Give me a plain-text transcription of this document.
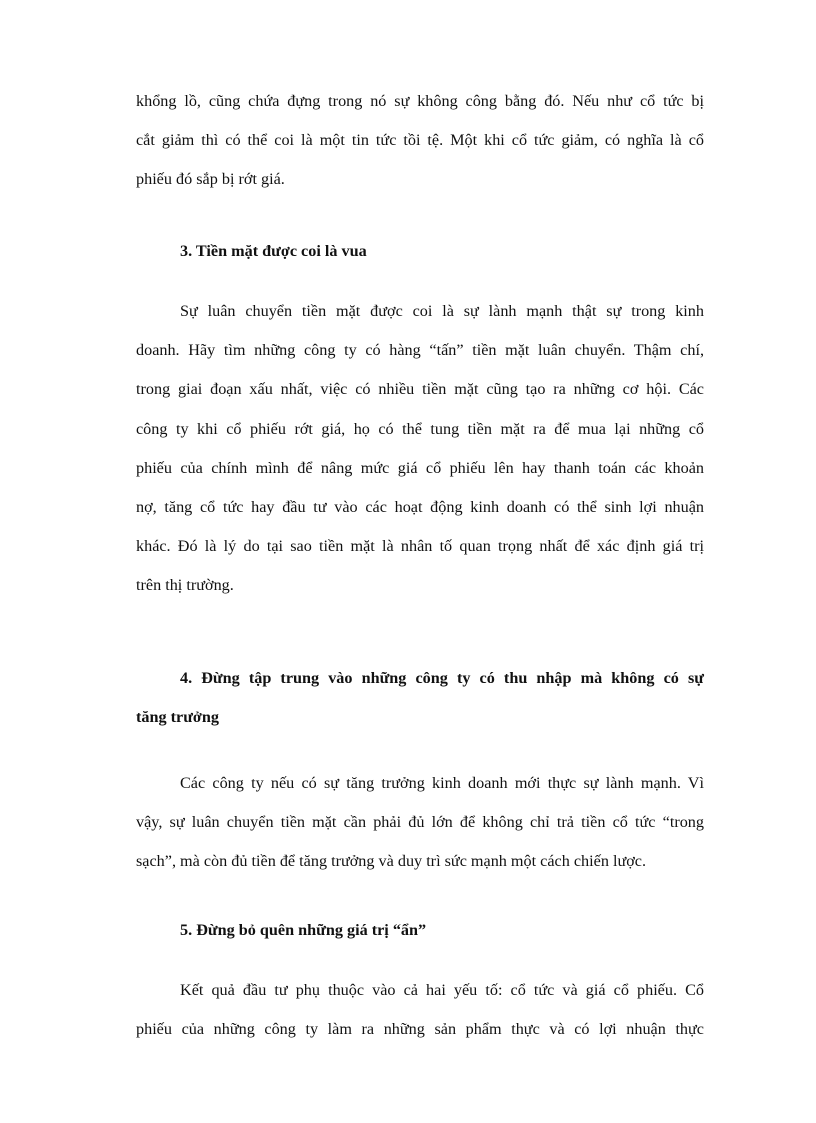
khổng lồ, cũng chứa đựng trong nó sự không công bằng đó. Nếu như cổ tức bị
cắt giảm thì có thể coi là một tin tức tồi tệ. Một khi cổ tức giảm, có nghĩa là cổ
phiếu đó sắp bị rớt giá.
3. Tiền mặt được coi là vua
Sự luân chuyển tiền mặt được coi là sự lành mạnh thật sự trong kinh
doanh. Hãy tìm những công ty có hàng “tấn” tiền mặt luân chuyển. Thậm chí,
trong giai đoạn xấu nhất, việc có nhiều tiền mặt cũng tạo ra những cơ hội. Các
công ty khi cổ phiếu rớt giá, họ có thể tung tiền mặt ra để mua lại những cổ
phiếu của chính mình để nâng mức giá cổ phiếu lên hay thanh toán các khoản
nợ, tăng cổ tức hay đầu tư vào các hoạt động kinh doanh có thể sinh lợi nhuận
khác. Đó là lý do tại sao tiền mặt là nhân tố quan trọng nhất để xác định giá trị
trên thị trường.
4. Đừng tập trung vào những công ty có thu nhập mà không có sự
tăng trưởng
Các công ty nếu có sự tăng trưởng kinh doanh mới thực sự lành mạnh. Vì
vậy, sự luân chuyển tiền mặt cần phải đủ lớn để không chỉ trả tiền cổ tức “trong
sạch”, mà còn đủ tiền để tăng trưởng và duy trì sức mạnh một cách chiến lược.
5. Đừng bỏ quên những giá trị “ẩn”
Kết quả đầu tư phụ thuộc vào cả hai yếu tố: cổ tức và giá cổ phiếu. Cổ
phiếu của những công ty làm ra những sản phẩm thực và có lợi nhuận thực
